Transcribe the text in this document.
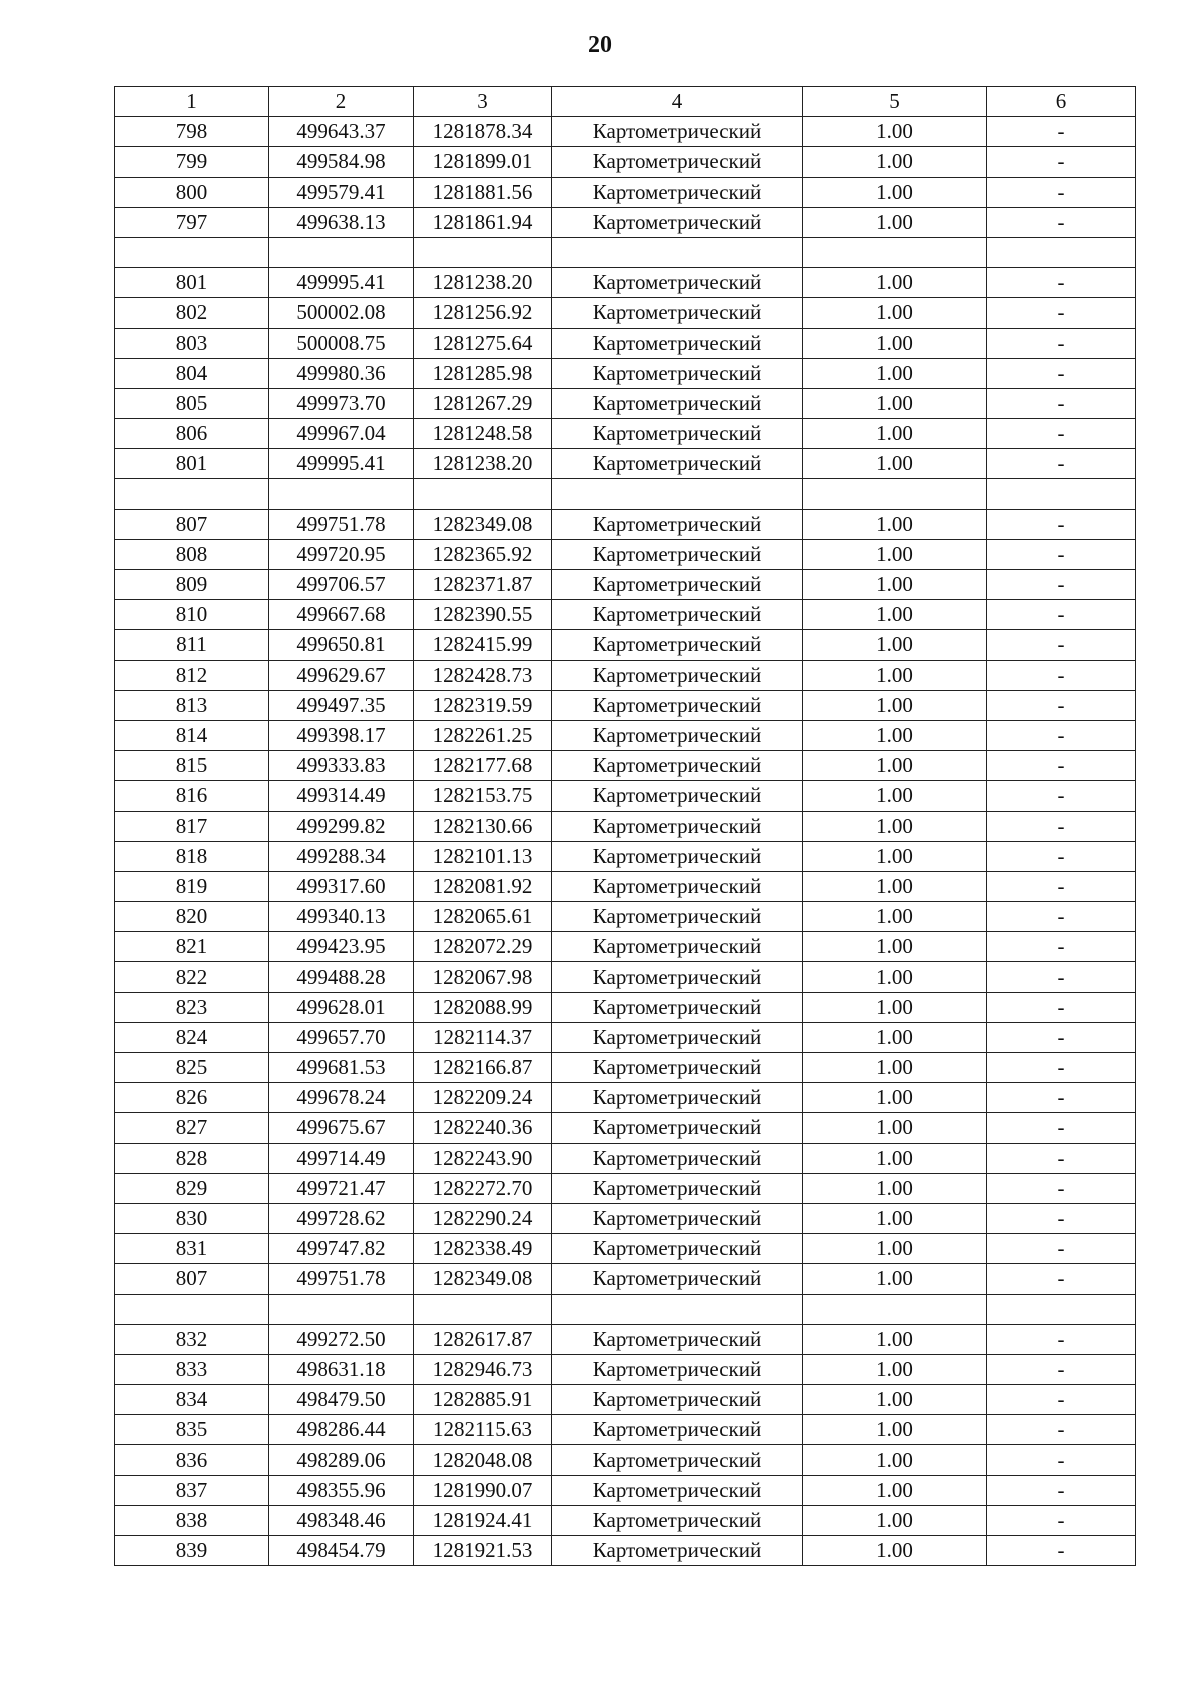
20
1	2	3	4	5	6
798	499643.37	1281878.34	Картометрический	1.00	-
799	499584.98	1281899.01	Картометрический	1.00	-
800	499579.41	1281881.56	Картометрический	1.00	-
797	499638.13	1281861.94	Картометрический	1.00	-

801	499995.41	1281238.20	Картометрический	1.00	-
802	500002.08	1281256.92	Картометрический	1.00	-
803	500008.75	1281275.64	Картометрический	1.00	-
804	499980.36	1281285.98	Картометрический	1.00	-
805	499973.70	1281267.29	Картометрический	1.00	-
806	499967.04	1281248.58	Картометрический	1.00	-
801	499995.41	1281238.20	Картометрический	1.00	-

807	499751.78	1282349.08	Картометрический	1.00	-
808	499720.95	1282365.92	Картометрический	1.00	-
809	499706.57	1282371.87	Картометрический	1.00	-
810	499667.68	1282390.55	Картометрический	1.00	-
811	499650.81	1282415.99	Картометрический	1.00	-
812	499629.67	1282428.73	Картометрический	1.00	-
813	499497.35	1282319.59	Картометрический	1.00	-
814	499398.17	1282261.25	Картометрический	1.00	-
815	499333.83	1282177.68	Картометрический	1.00	-
816	499314.49	1282153.75	Картометрический	1.00	-
817	499299.82	1282130.66	Картометрический	1.00	-
818	499288.34	1282101.13	Картометрический	1.00	-
819	499317.60	1282081.92	Картометрический	1.00	-
820	499340.13	1282065.61	Картометрический	1.00	-
821	499423.95	1282072.29	Картометрический	1.00	-
822	499488.28	1282067.98	Картометрический	1.00	-
823	499628.01	1282088.99	Картометрический	1.00	-
824	499657.70	1282114.37	Картометрический	1.00	-
825	499681.53	1282166.87	Картометрический	1.00	-
826	499678.24	1282209.24	Картометрический	1.00	-
827	499675.67	1282240.36	Картометрический	1.00	-
828	499714.49	1282243.90	Картометрический	1.00	-
829	499721.47	1282272.70	Картометрический	1.00	-
830	499728.62	1282290.24	Картометрический	1.00	-
831	499747.82	1282338.49	Картометрический	1.00	-
807	499751.78	1282349.08	Картометрический	1.00	-

832	499272.50	1282617.87	Картометрический	1.00	-
833	498631.18	1282946.73	Картометрический	1.00	-
834	498479.50	1282885.91	Картометрический	1.00	-
835	498286.44	1282115.63	Картометрический	1.00	-
836	498289.06	1282048.08	Картометрический	1.00	-
837	498355.96	1281990.07	Картометрический	1.00	-
838	498348.46	1281924.41	Картометрический	1.00	-
839	498454.79	1281921.53	Картометрический	1.00	-
